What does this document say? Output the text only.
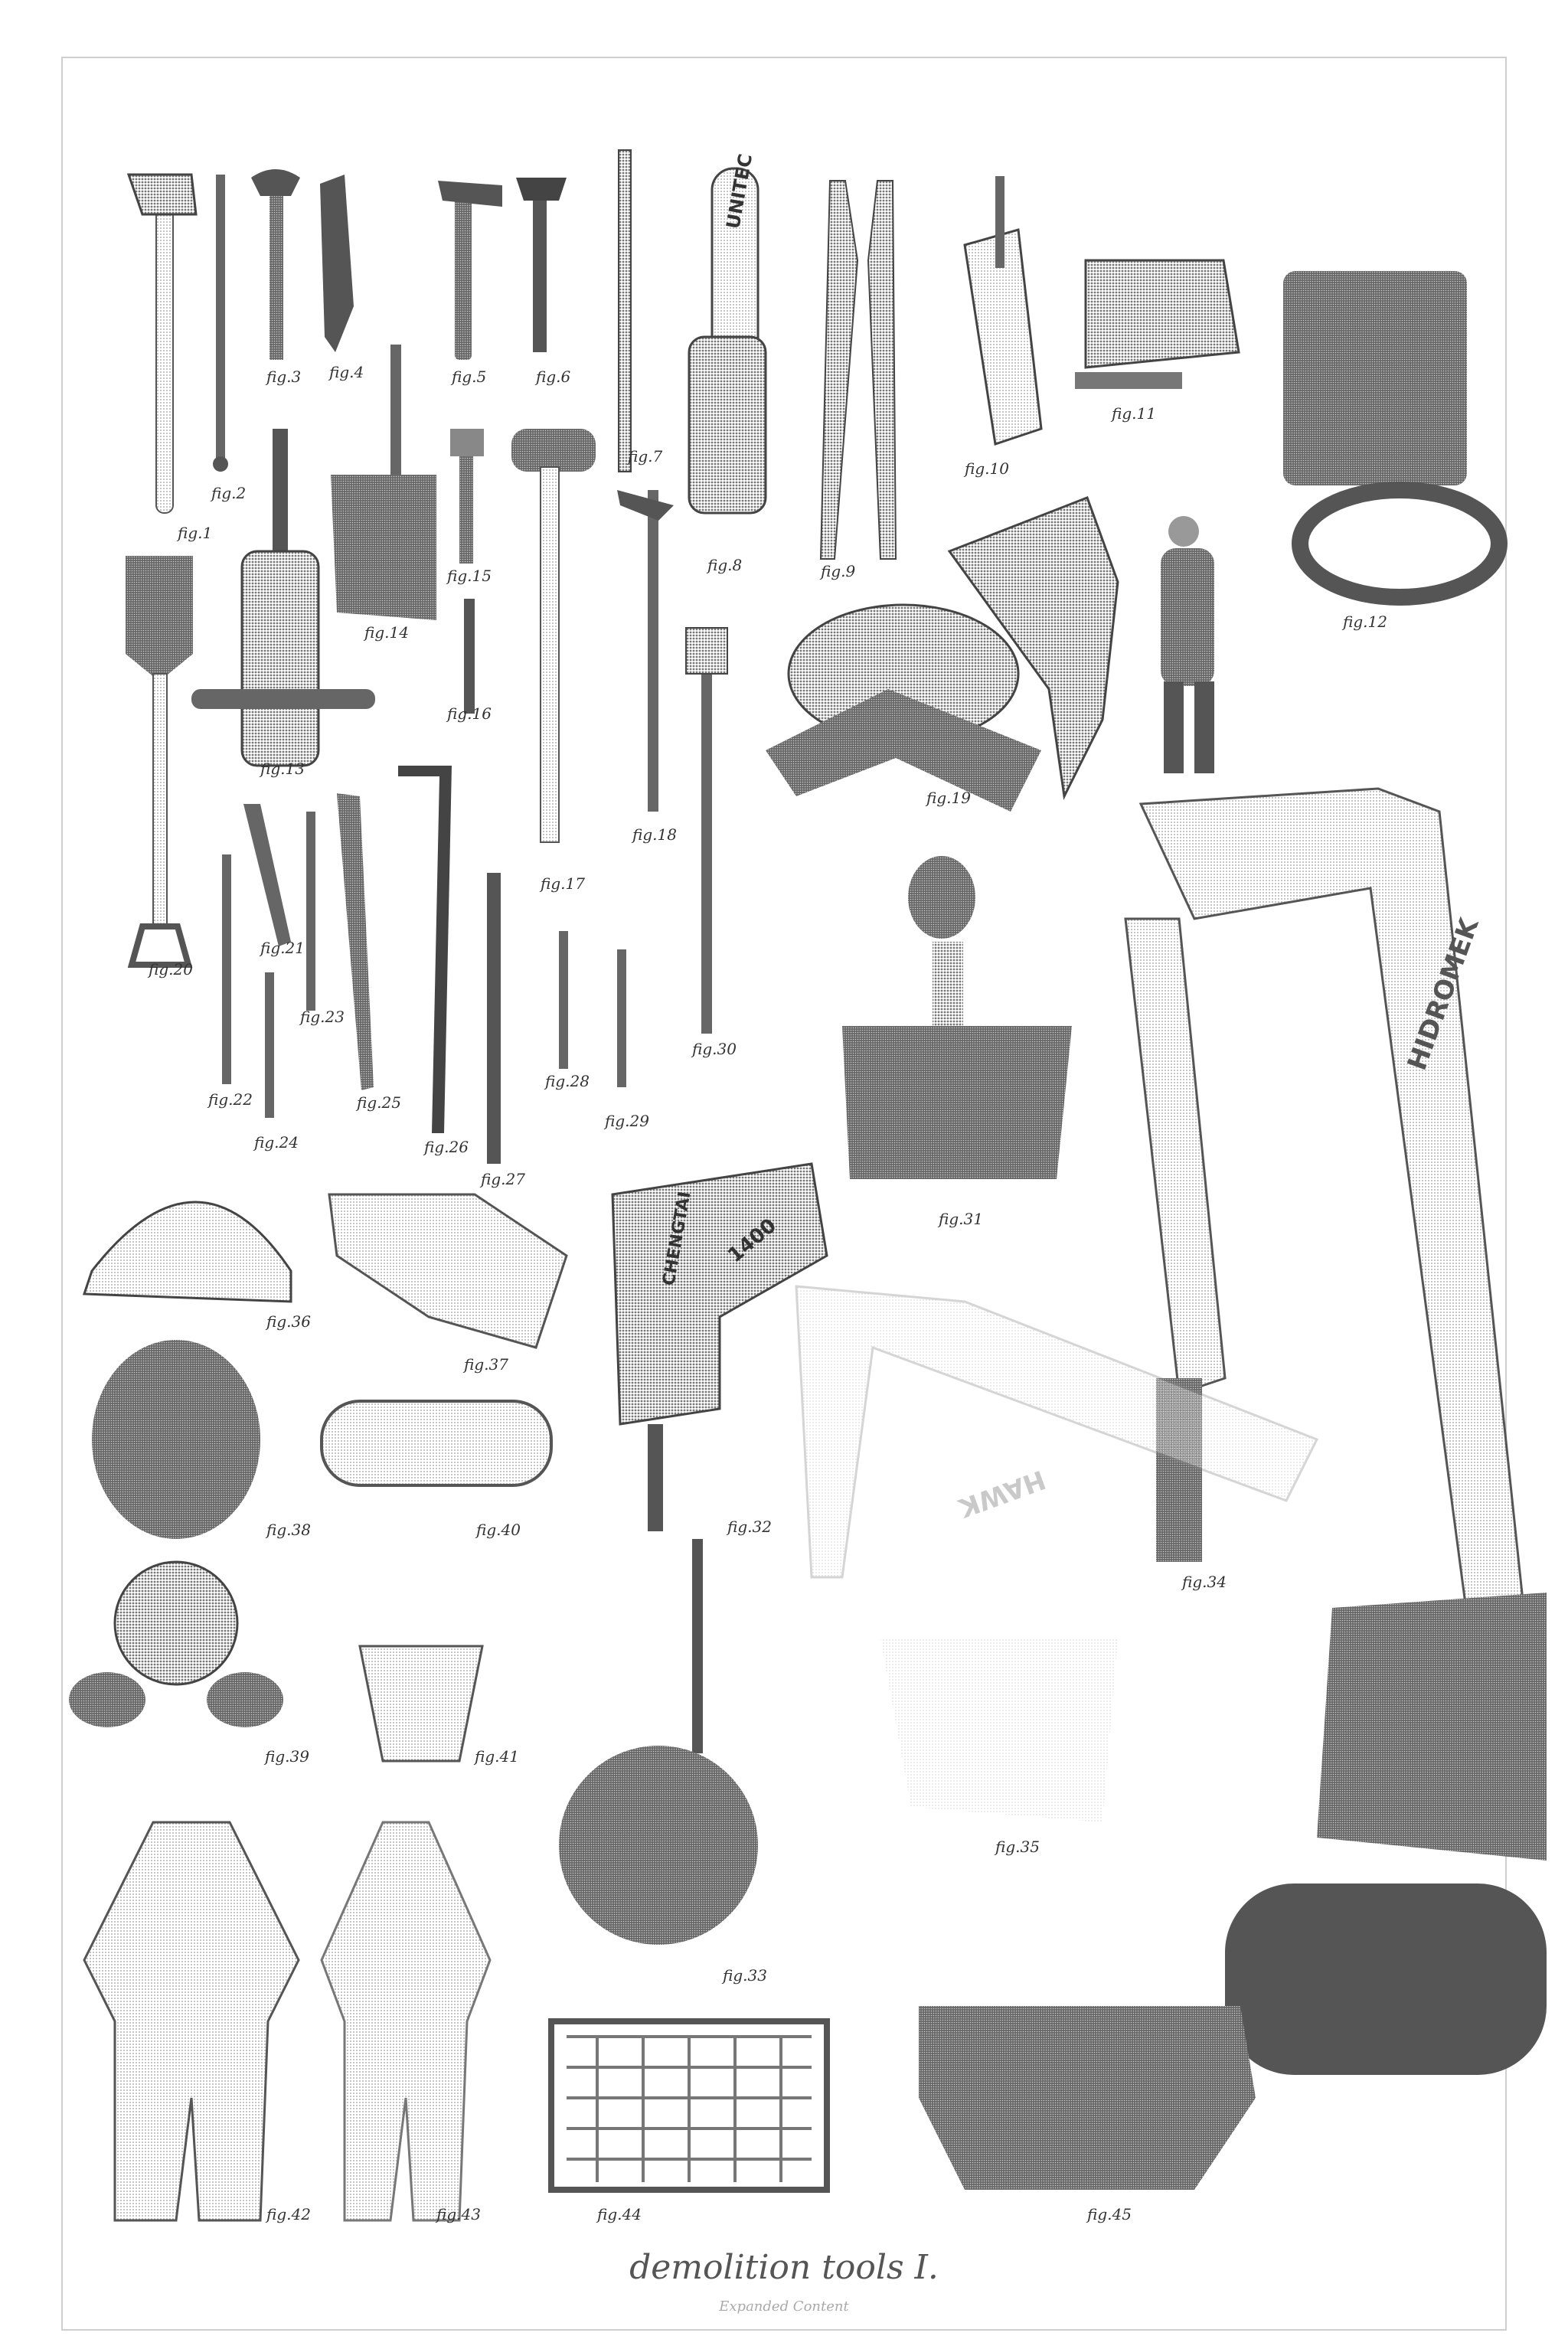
UNITEC
HIDROMEK
HAWK
CHENGTAI 1400
fig.1
fig.2
fig.3 fig.4	fig.5	fig.6
fig.7
fig.8	fig.9
fig.10
fig.11
fig.12
fig.13
fig.14
fig.15
fig.16
fig.17
fig.18
fig.19
fig.20
fig.21
fig.22
fig.23
fig.24
fig.25
fig.26
fig.27
fig.28
fig.29
fig.30
fig.31
fig.32
fig.33
fig.34
fig.35
fig.36
fig.37
fig.38
fig.39
fig.40
fig.41
fig.42	fig.43	fig.44	fig.45
demolition tools I.
Expanded Content
